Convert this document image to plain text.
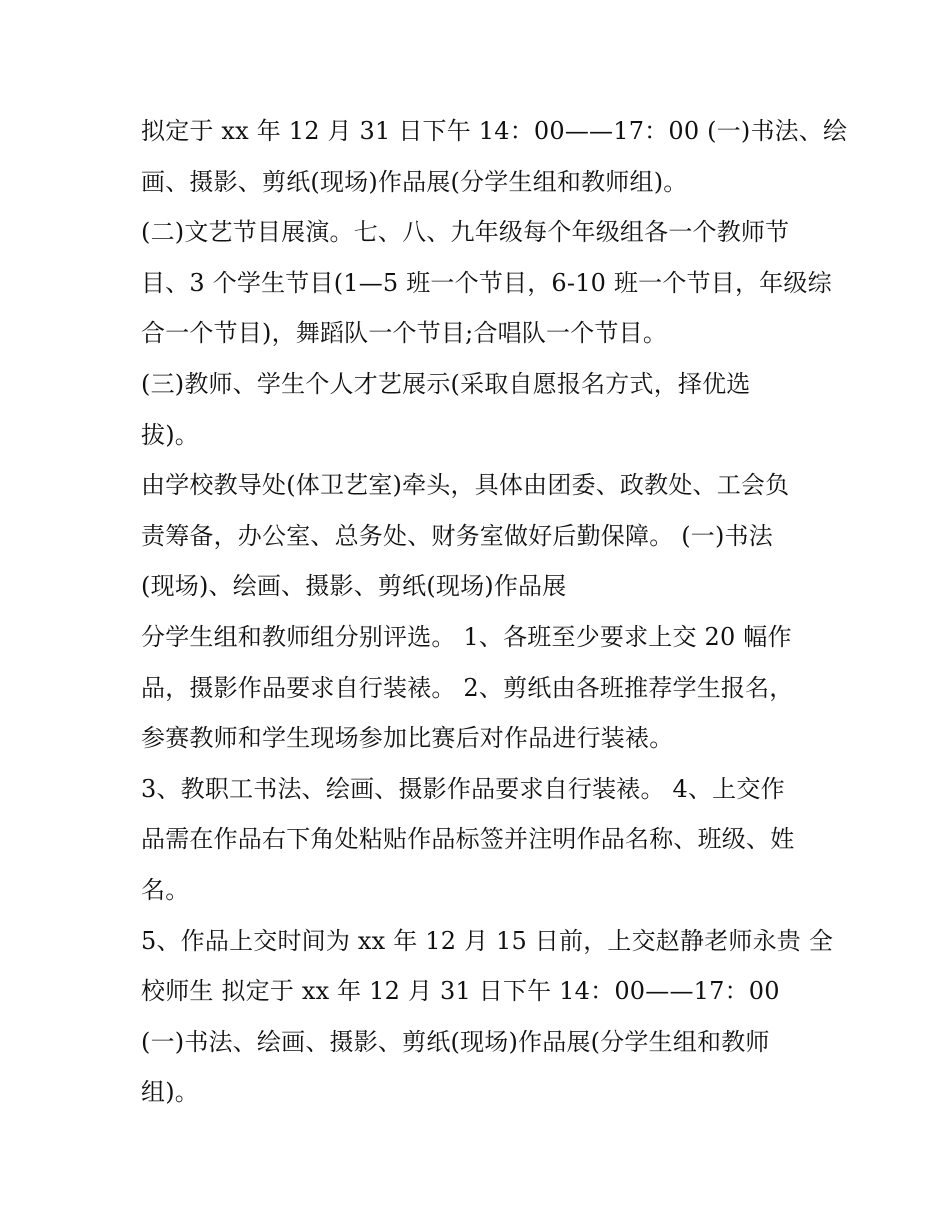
拟定于 xx 年 12 月 31 日下午 14：00——17：00 (一)书法、绘
画、摄影、剪纸(现场)作品展(分学生组和教师组)。
(二)文艺节目展演。七、八、九年级每个年级组各一个教师节
目、3 个学生节目(1—5 班一个节目，6-10 班一个节目，年级综
合一个节目)，舞蹈队一个节目;合唱队一个节目。
(三)教师、学生个人才艺展示(采取自愿报名方式，择优选
拔)。
由学校教导处(体卫艺室)牵头，具体由团委、政教处、工会负
责筹备，办公室、总务处、财务室做好后勤保障。 (一)书法
(现场)、绘画、摄影、剪纸(现场)作品展
分学生组和教师组分别评选。 1、各班至少要求上交 20 幅作
品，摄影作品要求自行装裱。 2、剪纸由各班推荐学生报名，
参赛教师和学生现场参加比赛后对作品进行装裱。
3、教职工书法、绘画、摄影作品要求自行装裱。 4、上交作
品需在作品右下角处粘贴作品标签并注明作品名称、班级、姓
名。
5、作品上交时间为 xx 年 12 月 15 日前，上交赵静老师永贵 全
校师生 拟定于 xx 年 12 月 31 日下午 14：00——17：00
(一)书法、绘画、摄影、剪纸(现场)作品展(分学生组和教师
组)。
